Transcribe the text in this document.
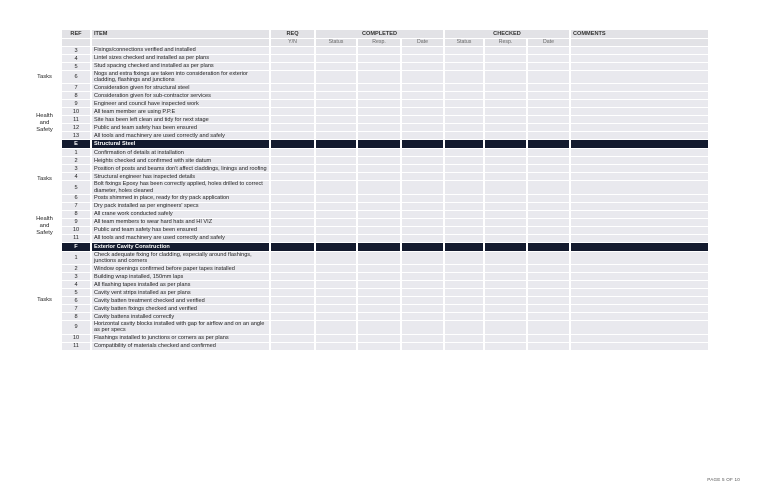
	REF	ITEM	REQ	COMPLETED			CHECKED			COMMENTS
			Y/N	Status	Resp.	Date	Status	Resp.	Date	
Tasks	3	Fixings/connections verified and installed								
	4	Lintel sizes checked and installed as per plans								
	5	Stud spacing checked and installed as per plans								
	6	Nogs and extra fixings are taken into consideration for exterior cladding, flashings and junctions								
	7	Consideration given for structural steel								
	8	Consideration given for sub-contractor services								
	9	Engineer and council have inspected work								
Health
and
Safety	10	All team member are using P.P.E								
	11	Site has been left clean and tidy for next stage								
	12	Public and team safety has been ensured								
	13	All tools and machinery are used correctly and safely								
	E	Structural Steel								
Tasks	1	Confirmation of details at installation								
	2	Heights checked and confirmed with site datum								
	3	Position of posts and beams don't affect claddings, linings and roofing								
	4	Structural engineer has inspected details								
	5	Bolt fixings Epoxy has been correctly applied, holes drilled to correct diameter, holes cleaned								
	6	Posts shimmed in place, ready for dry pack application								
	7	Dry pack installed as per engineers' specs								
Health
and
Safety	8	All crane work conducted safely								
	9	All team members to wear hard hats and HI VIZ								
	10	Public and team safety has been ensured								
	11	All tools and machinery are used correctly and safely								
	F	Exterior Cavity Construction								
Tasks	1	Check adequate fixing for cladding, especially around flashings, junctions and corners								
	2	Window openings confirmed before paper tapes installed								
	3	Building wrap installed, 150mm laps								
	4	All flashing tapes installed as per plans								
	5	Cavity vent strips installed as per plans								
	6	Cavity batten treatment checked and verified								
	7	Cavity batten fixings checked and verified								
	8	Cavity battens installed correctly								
	9	Horizontal cavity blocks installed with gap for airflow and on an angle as per specs								
	10	Flashings installed to junctions or corners as per plans								
	11	Compatibility of materials checked and confirmed								
PAGE 5 OF 10
